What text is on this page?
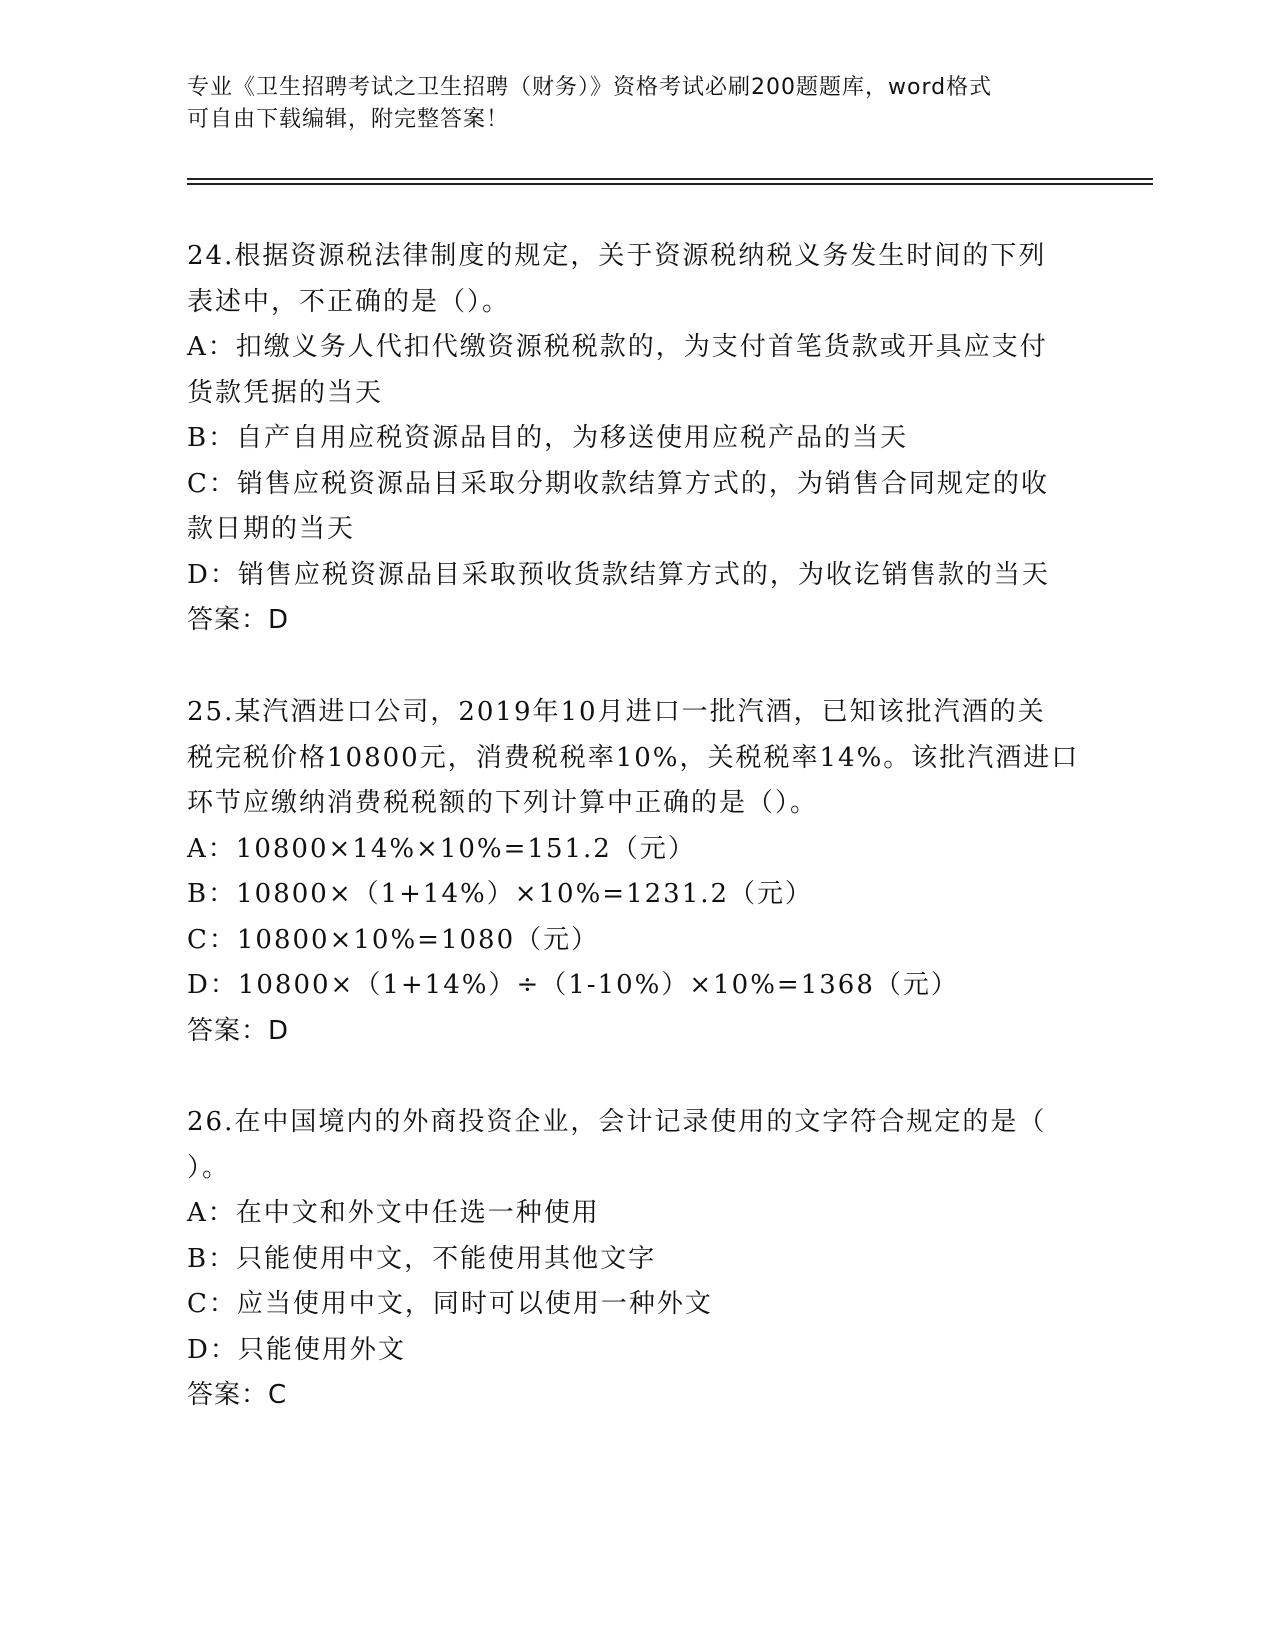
专业《卫生招聘考试之卫生招聘（财务）》资格考试必刷200题题库，word格式
可自由下载编辑，附完整答案！
24.根据资源税法律制度的规定，关于资源税纳税义务发生时间的下列
表述中，不正确的是（）。
A：扣缴义务人代扣代缴资源税税款的，为支付首笔货款或开具应支付
货款凭据的当天
B：自产自用应税资源品目的，为移送使用应税产品的当天
C：销售应税资源品目采取分期收款结算方式的，为销售合同规定的收
款日期的当天
D：销售应税资源品目采取预收货款结算方式的，为收讫销售款的当天
答案：D
25.某汽酒进口公司，2019年10月进口一批汽酒，已知该批汽酒的关
税完税价格10800元，消费税税率10%，关税税率14%。该批汽酒进口
环节应缴纳消费税税额的下列计算中正确的是（）。
A：10800×14%×10%=151.2（元）
B：10800×（1+14%）×10%=1231.2（元）
C：10800×10%=1080（元）
D：10800×（1+14%）÷（1-10%）×10%=1368（元）
答案：D
26.在中国境内的外商投资企业，会计记录使用的文字符合规定的是（
）。
A：在中文和外文中任选一种使用
B：只能使用中文，不能使用其他文字
C：应当使用中文，同时可以使用一种外文
D：只能使用外文
答案：C
